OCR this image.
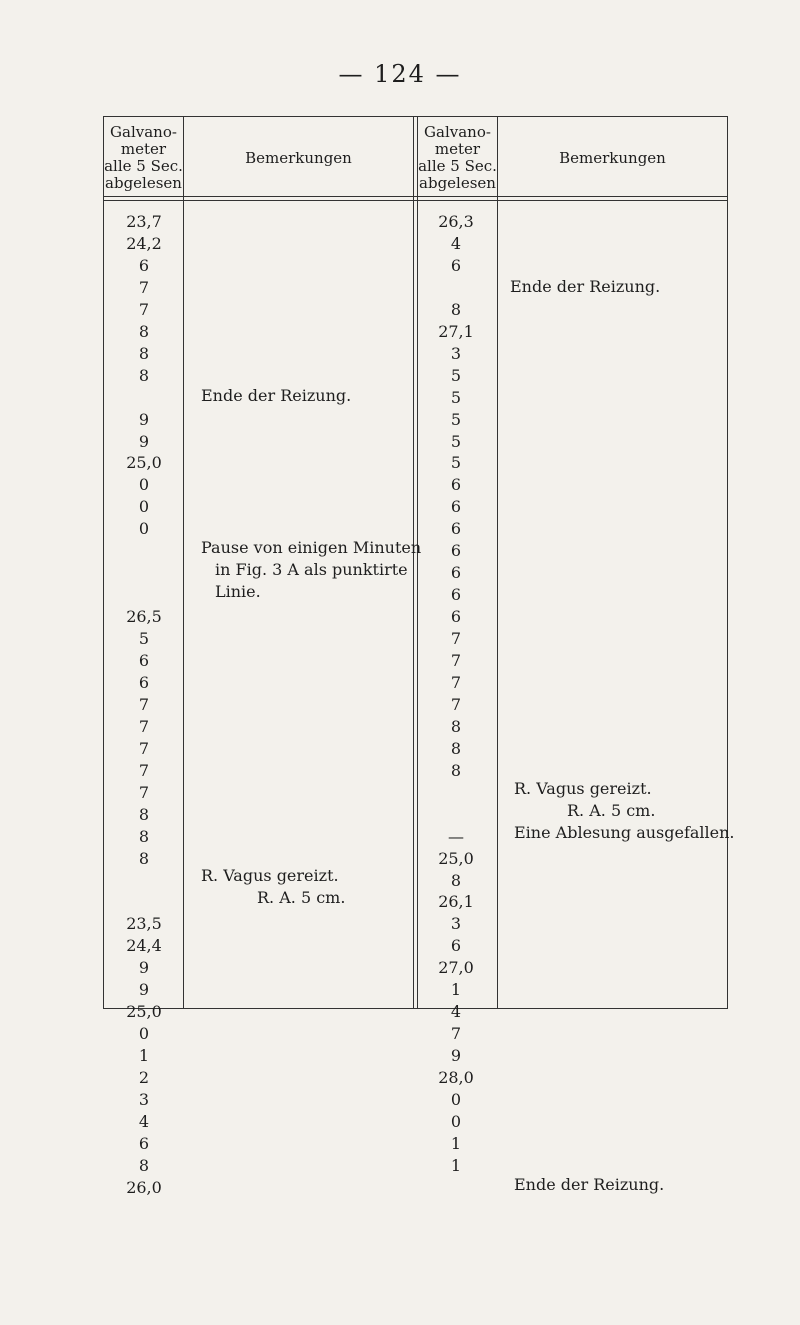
— 124 —
Galvano-
meter
alle 5 Sec.
abgelesen
Bemerkungen
Galvano-
meter
alle 5 Sec.
abgelesen
Bemerkungen
23,7
24,2
6
7
7
8
8
8
9
9
25,0
0
0
0
26,5
5
6
6
7
7
7
7
7
8
8
8
23,5
24,4
9
9
25,0
0
1
2
3
4
6
8
26,0
26,3
4
6
8
27,1
3
5
5
5
5
5
6
6
6
6
6
6
6
7
7
7
7
8
8
8
—
25,0
8
26,1
3
6
27,0
1
4
7
9
28,0
0
0
1
1
Ende der Reizung.
Pause von einigen Minuten
in Fig. 3 A als punktirte
Linie.
R. Vagus gereizt.
R. A. 5 cm.
Ende der Reizung.
R. Vagus gereizt.
R. A. 5 cm.
Eine Ablesung ausgefallen.
Ende der Reizung.
